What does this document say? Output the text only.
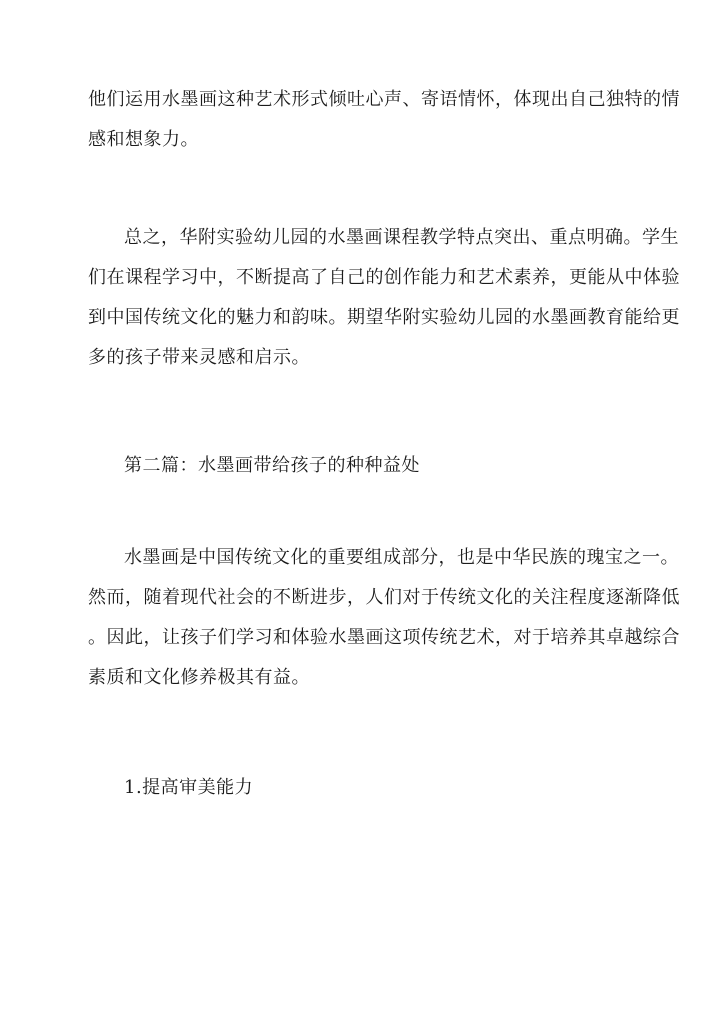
他们运用水墨画这种艺术形式倾吐心声、寄语情怀，体现出自己独特的情
感和想象力。
总之，华附实验幼儿园的水墨画课程教学特点突出、重点明确。学生
们在课程学习中，不断提高了自己的创作能力和艺术素养，更能从中体验
到中国传统文化的魅力和韵味。期望华附实验幼儿园的水墨画教育能给更
多的孩子带来灵感和启示。
第二篇：水墨画带给孩子的种种益处
水墨画是中国传统文化的重要组成部分，也是中华民族的瑰宝之一。
然而，随着现代社会的不断进步，人们对于传统文化的关注程度逐渐降低
。因此，让孩子们学习和体验水墨画这项传统艺术，对于培养其卓越综合
素质和文化修养极其有益。
1.提高审美能力
